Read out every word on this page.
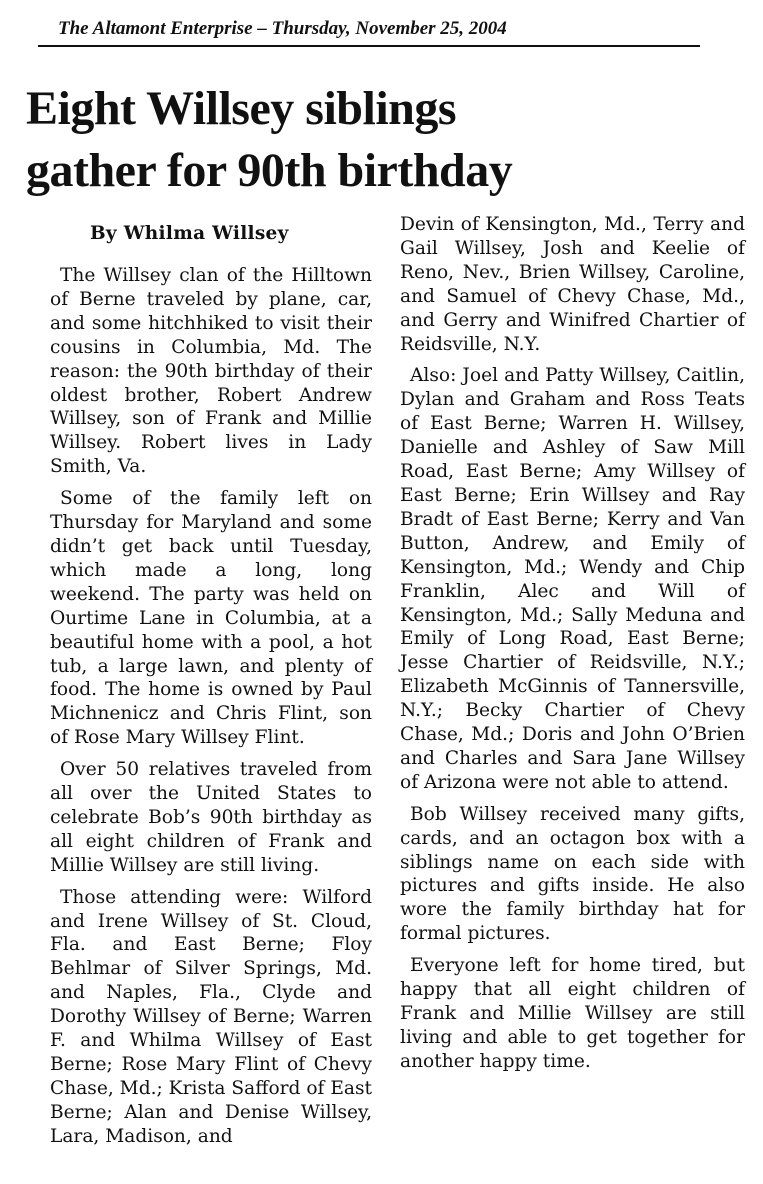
The Altamont Enterprise – Thursday, November 25, 2004
Eight Willsey siblings
gather for 90th birthday
By Whilma Willsey

The Willsey clan of the Hilltown of Berne traveled by plane, car, and some hitchhiked to visit their cousins in Columbia, Md. The reason: the 90th birthday of their oldest brother, Robert Andrew Willsey, son of Frank and Millie Willsey. Robert lives in Lady Smith, Va.

Some of the family left on Thursday for Maryland and some didn’t get back until Tuesday, which made a long, long weekend. The party was held on Ourtime Lane in Columbia, at a beautiful home with a pool, a hot tub, a large lawn, and plenty of food. The home is owned by Paul Michnenicz and Chris Flint, son of Rose Mary Willsey Flint.

Over 50 relatives traveled from all over the United States to celebrate Bob’s 90th birthday as all eight children of Frank and Millie Willsey are still living.

Those attending were: Wilford and Irene Willsey of St. Cloud, Fla. and East Berne; Floy Behlmar of Silver Springs, Md. and Naples, Fla., Clyde and Dorothy Willsey of Berne; Warren F. and Whilma Willsey of East Berne; Rose Mary Flint of Chevy Chase, Md.; Krista Safford of East Berne; Alan and Denise Willsey, Lara, Madison, and

Devin of Kensington, Md., Terry and Gail Willsey, Josh and Keelie of Reno, Nev., Brien Willsey, Caroline, and Samuel of Chevy Chase, Md., and Gerry and Winifred Chartier of Reidsville, N.Y.

Also: Joel and Patty Willsey, Caitlin, Dylan and Graham and Ross Teats of East Berne; Warren H. Willsey, Danielle and Ashley of Saw Mill Road, East Berne; Amy Willsey of East Berne; Erin Willsey and Ray Bradt of East Berne; Kerry and Van Button, Andrew, and Emily of Kensington, Md.; Wendy and Chip Franklin, Alec and Will of Kensington, Md.; Sally Meduna and Emily of Long Road, East Berne; Jesse Chartier of Reidsville, N.Y.; Elizabeth McGinnis of Tannersville, N.Y.; Becky Chartier of Chevy Chase, Md.; Doris and John O’Brien and Charles and Sara Jane Willsey of Arizona were not able to attend.

Bob Willsey received many gifts, cards, and an octagon box with a siblings name on each side with pictures and gifts inside. He also wore the family birthday hat for formal pictures.

Everyone left for home tired, but happy that all eight children of Frank and Millie Willsey are still living and able to get together for another happy time.
